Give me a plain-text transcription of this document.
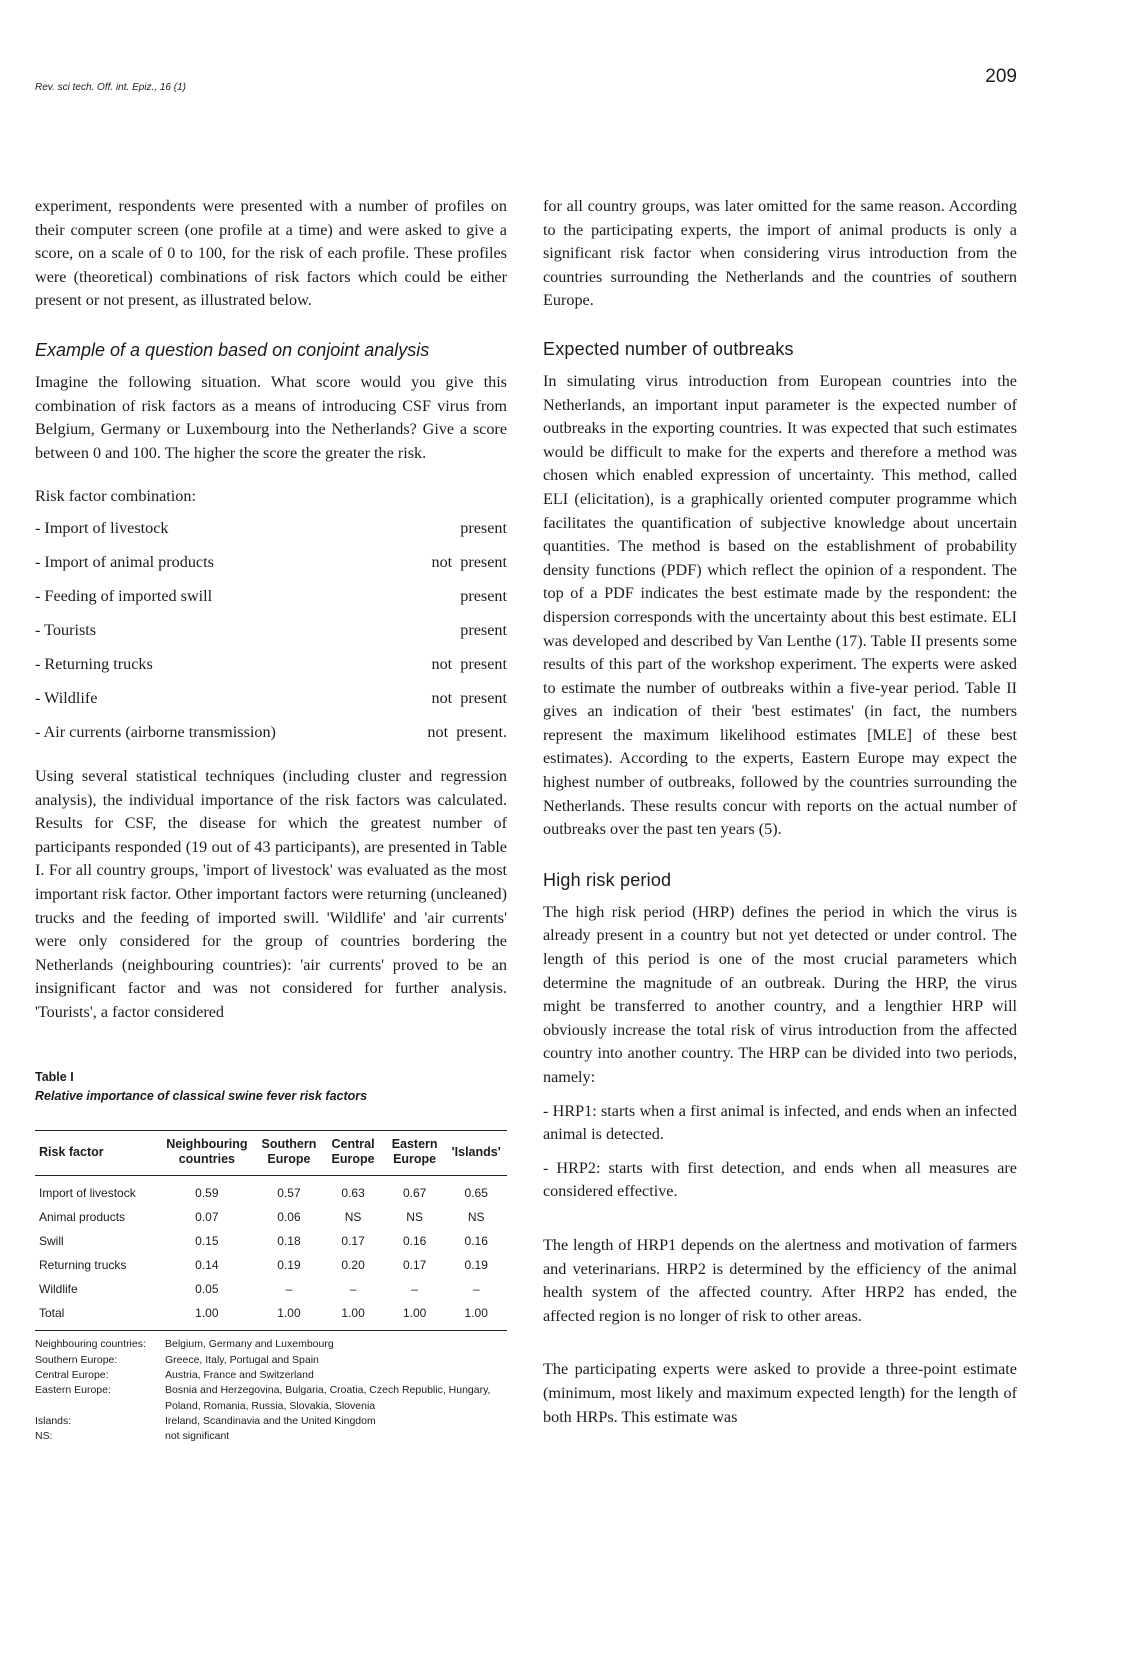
Rev. sci tech. Off. int. Epiz., 16 (1)
209

experiment, respondents were presented with a number of profiles on their computer screen (one profile at a time) and were asked to give a score, on a scale of 0 to 100, for the risk of each profile. These profiles were (theoretical) combinations of risk factors which could be either present or not present, as illustrated below.

Example of a question based on conjoint analysis

Imagine the following situation. What score would you give this combination of risk factors as a means of introducing CSF virus from Belgium, Germany or Luxembourg into the Netherlands? Give a score between 0 and 100. The higher the score the greater the risk.

Risk factor combination:

- Import of livestock	present
- Import of animal products	not  present
- Feeding of imported swill	present
- Tourists	present
- Returning trucks	not  present
- Wildlife	not  present
- Air currents (airborne transmission)	not  present.

Using several statistical techniques (including cluster and regression analysis), the individual importance of the risk factors was calculated. Results for CSF, the disease for which the greatest number of participants responded (19 out of 43 participants), are presented in Table I. For all country groups, 'import of livestock' was evaluated as the most important risk factor. Other important factors were returning (uncleaned) trucks and the feeding of imported swill. 'Wildlife' and 'air currents' were only considered for the group of countries bordering the Netherlands (neighbouring countries): 'air currents' proved to be an insignificant factor and was not considered for further analysis. 'Tourists', a factor considered

Table I
Relative importance of classical swine fever risk factors
Risk factor	Neighbouring countries	Southern Europe	Central Europe	Eastern Europe	'Islands'

Import of livestock	0.59	0.57	0.63	0.67	0.65
Animal products	0.07	0.06	NS	NS	NS
Swill	0.15	0.18	0.17	0.16	0.16
Returning trucks	0.14	0.19	0.20	0.17	0.19
Wildlife	0.05	–	–	–	–
Total	1.00	1.00	1.00	1.00	1.00
Neighbouring countries:	Belgium, Germany and Luxembourg
Southern Europe:	Greece, Italy, Portugal and Spain
Central Europe:	Austria, France and Switzerland
Eastern Europe:	Bosnia and Herzegovina, Bulgaria, Croatia, Czech Republic, Hungary, Poland, Romania, Russia, Slovakia, Slovenia
Islands:	Ireland, Scandinavia and the United Kingdom
NS:	not significant

for all country groups, was later omitted for the same reason. According to the participating experts, the import of animal products is only a significant risk factor when considering virus introduction from the countries surrounding the Netherlands and the countries of southern Europe.

Expected number of outbreaks

In simulating virus introduction from European countries into the Netherlands, an important input parameter is the expected number of outbreaks in the exporting countries. It was expected that such estimates would be difficult to make for the experts and therefore a method was chosen which enabled expression of uncertainty. This method, called ELI (elicitation), is a graphically oriented computer programme which facilitates the quantification of subjective knowledge about uncertain quantities. The method is based on the establishment of probability density functions (PDF) which reflect the opinion of a respondent. The top of a PDF indicates the best estimate made by the respondent: the dispersion corresponds with the uncertainty about this best estimate. ELI was developed and described by Van Lenthe (17). Table II presents some results of this part of the workshop experiment. The experts were asked to estimate the number of outbreaks within a five-year period. Table II gives an indication of their 'best estimates' (in fact, the numbers represent the maximum likelihood estimates [MLE] of these best estimates). According to the experts, Eastern Europe may expect the highest number of outbreaks, followed by the countries surrounding the Netherlands. These results concur with reports on the actual number of outbreaks over the past ten years (5).

High risk period

The high risk period (HRP) defines the period in which the virus is already present in a country but not yet detected or under control. The length of this period is one of the most crucial parameters which determine the magnitude of an outbreak. During the HRP, the virus might be transferred to another country, and a lengthier HRP will obviously increase the total risk of virus introduction from the affected country into another country. The HRP can be divided into two periods, namely:

- HRP1: starts when a first animal is infected, and ends when an infected animal is detected.

- HRP2: starts with first detection, and ends when all measures are considered effective.

The length of HRP1 depends on the alertness and motivation of farmers and veterinarians. HRP2 is determined by the efficiency of the animal health system of the affected country. After HRP2 has ended, the affected region is no longer of risk to other areas.

The participating experts were asked to provide a three-point estimate (minimum, most likely and maximum expected length) for the length of both HRPs. This estimate was
